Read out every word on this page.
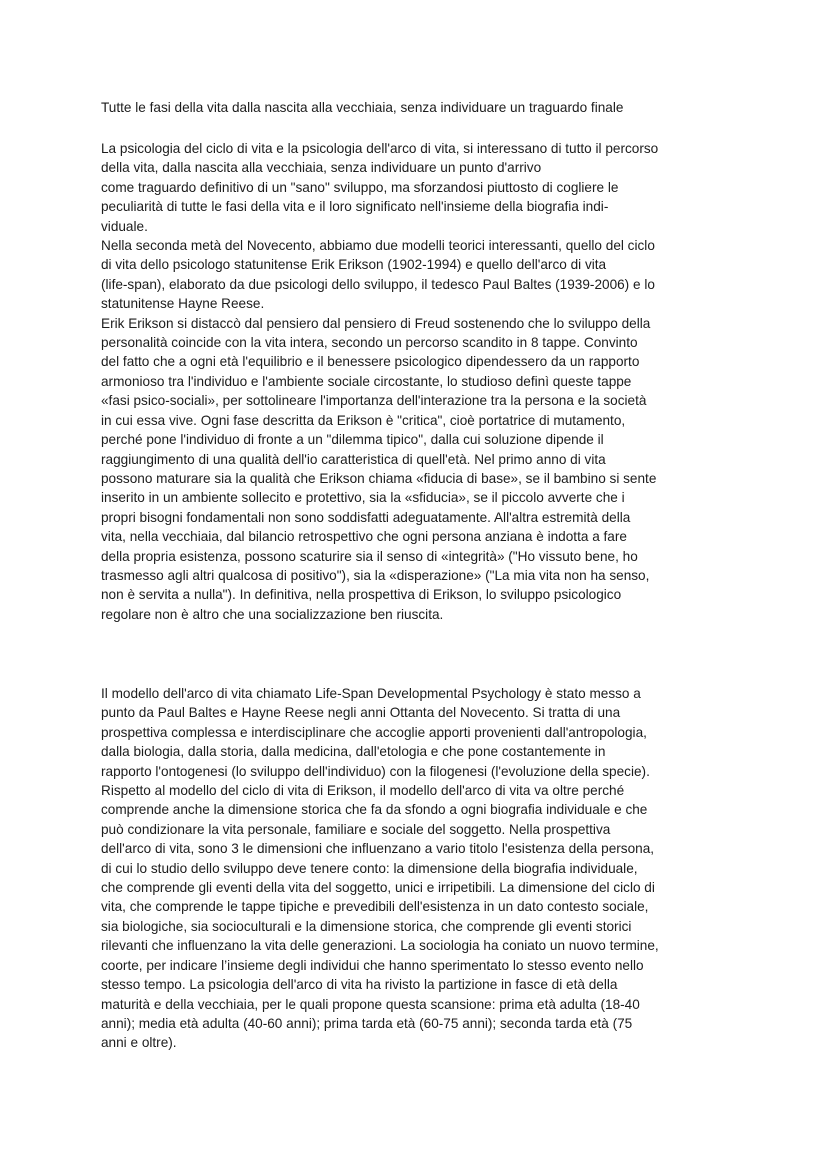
Tutte le fasi della vita dalla nascita alla vecchiaia, senza individuare un traguardo finale
La psicologia del ciclo di vita e la psicologia dell'arco di vita, si interessano di tutto il percorso
della vita, dalla nascita alla vecchiaia, senza individuare un punto d'arrivo
come traguardo definitivo di un "sano" sviluppo, ma sforzandosi piuttosto di cogliere le
peculiarità di tutte le fasi della vita e il loro significato nell'insieme della biografia indi-
viduale.
Nella seconda metà del Novecento, abbiamo due modelli teorici interessanti, quello del ciclo
di vita dello psicologo statunitense Erik Erikson (1902-1994) e quello dell'arco di vita
(life-span), elaborato da due psicologi dello sviluppo, il tedesco Paul Baltes (1939-2006) e lo
statunitense Hayne Reese.
Erik Erikson si distaccò dal pensiero dal pensiero di Freud sostenendo che lo sviluppo della
personalità coincide con la vita intera, secondo un percorso scandito in 8 tappe. Convinto
del fatto che a ogni età l'equilibrio e il benessere psicologico dipendessero da un rapporto
armonioso tra l'individuo e l'ambiente sociale circostante, lo studioso definì queste tappe
«fasi psico-sociali», per sottolineare l'importanza dell'interazione tra la persona e la società
in cui essa vive. Ogni fase descritta da Erikson è "critica", cioè portatrice di mutamento,
perché pone l'individuo di fronte a un "dilemma tipico", dalla cui soluzione dipende il
raggiungimento di una qualità dell'io caratteristica di quell'età. Nel primo anno di vita
possono maturare sia la qualità che Erikson chiama «fiducia di base», se il bambino si sente
inserito in un ambiente sollecito e protettivo, sia la «sfiducia», se il piccolo avverte che i
propri bisogni fondamentali non sono soddisfatti adeguatamente. All'altra estremità della
vita, nella vecchiaia, dal bilancio retrospettivo che ogni persona anziana è indotta a fare
della propria esistenza, possono scaturire sia il senso di «integrità» ("Ho vissuto bene, ho
trasmesso agli altri qualcosa di positivo"), sia la «disperazione» ("La mia vita non ha senso,
non è servita a nulla"). In definitiva, nella prospettiva di Erikson, lo sviluppo psicologico
regolare non è altro che una socializzazione ben riuscita.
Il modello dell'arco di vita chiamato Life-Span Developmental Psychology è stato messo a
punto da Paul Baltes e Hayne Reese negli anni Ottanta del Novecento. Si tratta di una
prospettiva complessa e interdisciplinare che accoglie apporti provenienti dall'antropologia,
dalla biologia, dalla storia, dalla medicina, dall'etologia e che pone costantemente in
rapporto l'ontogenesi (lo sviluppo dell'individuo) con la filogenesi (l'evoluzione della specie).
Rispetto al modello del ciclo di vita di Erikson, il modello dell'arco di vita va oltre perché
comprende anche la dimensione storica che fa da sfondo a ogni biografia individuale e che
può condizionare la vita personale, familiare e sociale del soggetto. Nella prospettiva
dell'arco di vita, sono 3 le dimensioni che influenzano a vario titolo l'esistenza della persona,
di cui lo studio dello sviluppo deve tenere conto: la dimensione della biografia individuale,
che comprende gli eventi della vita del soggetto, unici e irripetibili. La dimensione del ciclo di
vita, che comprende le tappe tipiche e prevedibili dell'esistenza in un dato contesto sociale,
sia biologiche, sia socioculturali e la dimensione storica, che comprende gli eventi storici
rilevanti che influenzano la vita delle generazioni. La sociologia ha coniato un nuovo termine,
coorte, per indicare l’insieme degli individui che hanno sperimentato lo stesso evento nello
stesso tempo. La psicologia dell'arco di vita ha rivisto la partizione in fasce di età della
maturità e della vecchiaia, per le quali propone questa scansione: prima età adulta (18-40
anni); media età adulta (40-60 anni); prima tarda età (60-75 anni); seconda tarda età (75
anni e oltre).
